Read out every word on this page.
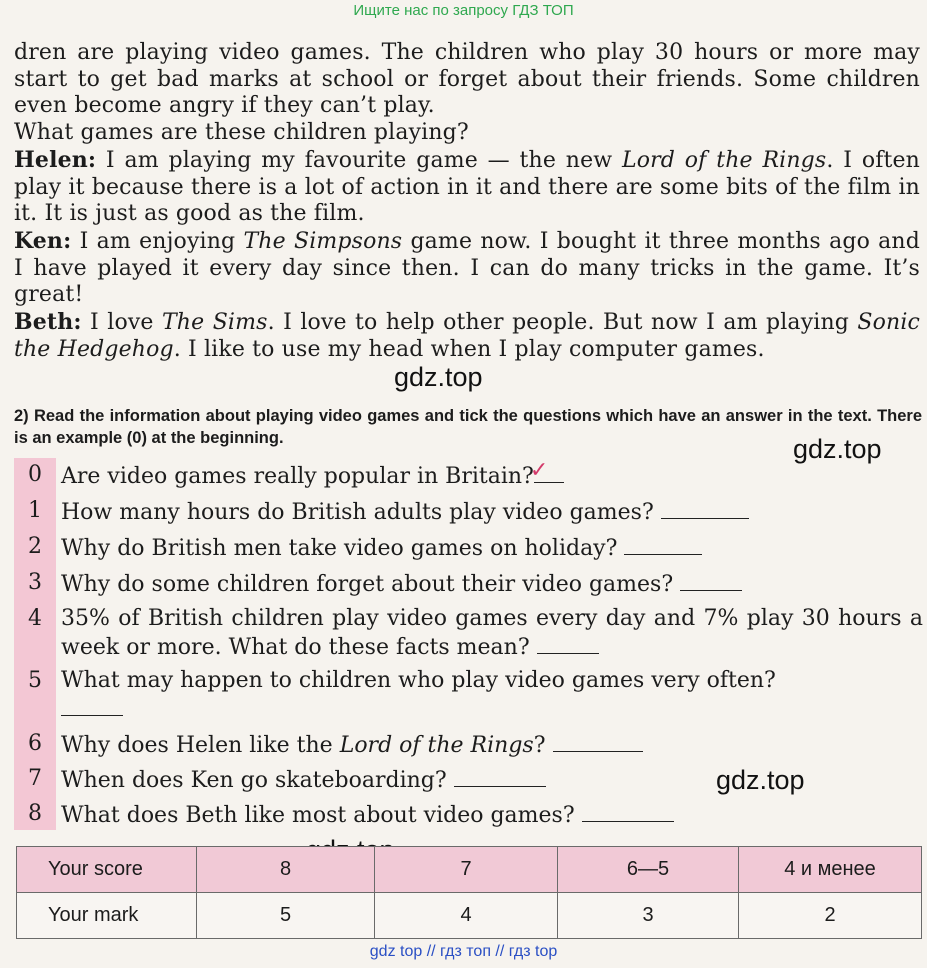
Ищите нас по запросу ГДЗ ТОП

dren are playing video games. The children who play 30 hours or more may start to get bad marks at school or forget about their friends. Some children even become angry if they can’t play.

What games are these children playing?

Helen: I am playing my favourite game — the new Lord of the Rings. I often play it because there is a lot of action in it and there are some bits of the film in it. It is just as good as the film.

Ken: I am enjoying The Simpsons game now. I bought it three months ago and I have played it every day since then. I can do many tricks in the game. It’s great!

Beth: I love The Sims. I love to help other people. But now I am playing Sonic the Hedgehog. I like to use my head when I play computer games.

gdz.top
gdz.top
gdz.top
2) Read the information about playing video games and tick the questions which have an answer in the text. There is an example (0) at the beginning.
0 Are video games really popular in Britain?
✓
1 How many hours do British adults play video games?
2 Why do British men take video games on holiday?
3 Why do some children forget about their video games?
4 35% of British children play video games every day and 7% play 30 hours a week or more. What do these facts mean?
5 What may happen to children who play video games very often?

6 Why does Helen like the Lord of the Rings?
7 When does Ken go skateboarding?
8 What does Beth like most about video games?
Your score	8	7	6—5	4 и менее
Your mark	5	4	3	2
gdz top // гдз топ // гдз top
